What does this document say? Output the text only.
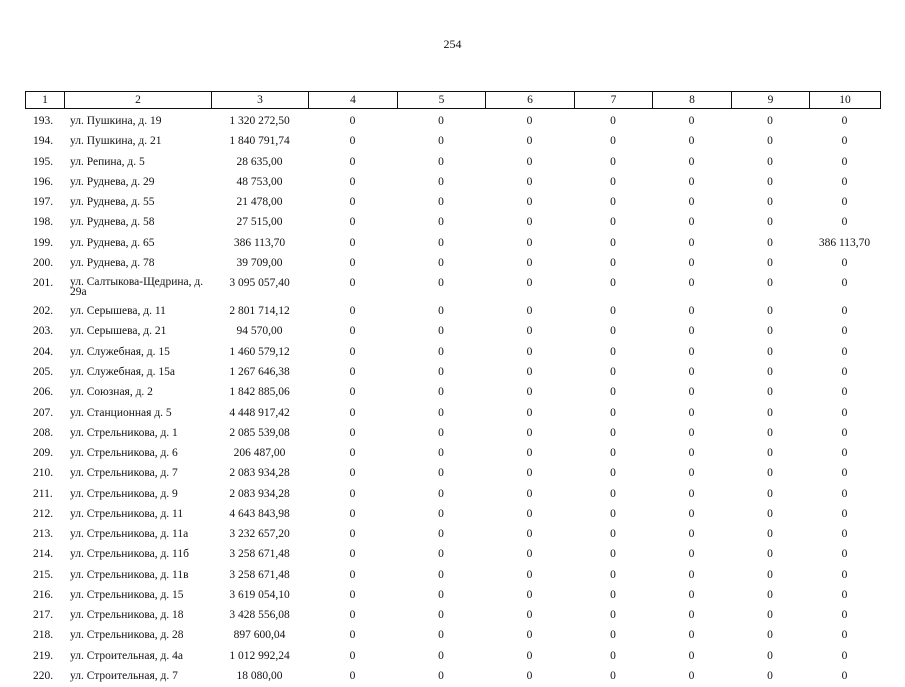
254
1	2	3	4	5	6	7	8	9	10
193.	ул. Пушкина, д. 19	1 320 272,50	0	0	0	0	0	0	0
194.	ул. Пушкина, д. 21	1 840 791,74	0	0	0	0	0	0	0
195.	ул. Репина, д. 5	28 635,00	0	0	0	0	0	0	0
196.	ул. Руднева, д. 29	48 753,00	0	0	0	0	0	0	0
197.	ул. Руднева, д. 55	21 478,00	0	0	0	0	0	0	0
198.	ул. Руднева, д. 58	27 515,00	0	0	0	0	0	0	0
199.	ул. Руднева, д. 65	386 113,70	0	0	0	0	0	0	386 113,70
200.	ул. Руднева, д. 78	39 709,00	0	0	0	0	0	0	0
201.	ул. Салтыкова-Щедрина, д. 29а	3 095 057,40	0	0	0	0	0	0	0
202.	ул. Серышева, д. 11	2 801 714,12	0	0	0	0	0	0	0
203.	ул. Серышева, д. 21	94 570,00	0	0	0	0	0	0	0
204.	ул. Служебная, д. 15	1 460 579,12	0	0	0	0	0	0	0
205.	ул. Служебная, д. 15а	1 267 646,38	0	0	0	0	0	0	0
206.	ул. Союзная, д. 2	1 842 885,06	0	0	0	0	0	0	0
207.	ул. Станционная д. 5	4 448 917,42	0	0	0	0	0	0	0
208.	ул. Стрельникова, д. 1	2 085 539,08	0	0	0	0	0	0	0
209.	ул. Стрельникова, д. 6	206 487,00	0	0	0	0	0	0	0
210.	ул. Стрельникова, д. 7	2 083 934,28	0	0	0	0	0	0	0
211.	ул. Стрельникова, д. 9	2 083 934,28	0	0	0	0	0	0	0
212.	ул. Стрельникова, д. 11	4 643 843,98	0	0	0	0	0	0	0
213.	ул. Стрельникова, д. 11а	3 232 657,20	0	0	0	0	0	0	0
214.	ул. Стрельникова, д. 11б	3 258 671,48	0	0	0	0	0	0	0
215.	ул. Стрельникова, д. 11в	3 258 671,48	0	0	0	0	0	0	0
216.	ул. Стрельникова, д. 15	3 619 054,10	0	0	0	0	0	0	0
217.	ул. Стрельникова, д. 18	3 428 556,08	0	0	0	0	0	0	0
218.	ул. Стрельникова, д. 28	897 600,04	0	0	0	0	0	0	0
219.	ул. Строительная, д. 4а	1 012 992,24	0	0	0	0	0	0	0
220.	ул. Строительная, д. 7	18 080,00	0	0	0	0	0	0	0
